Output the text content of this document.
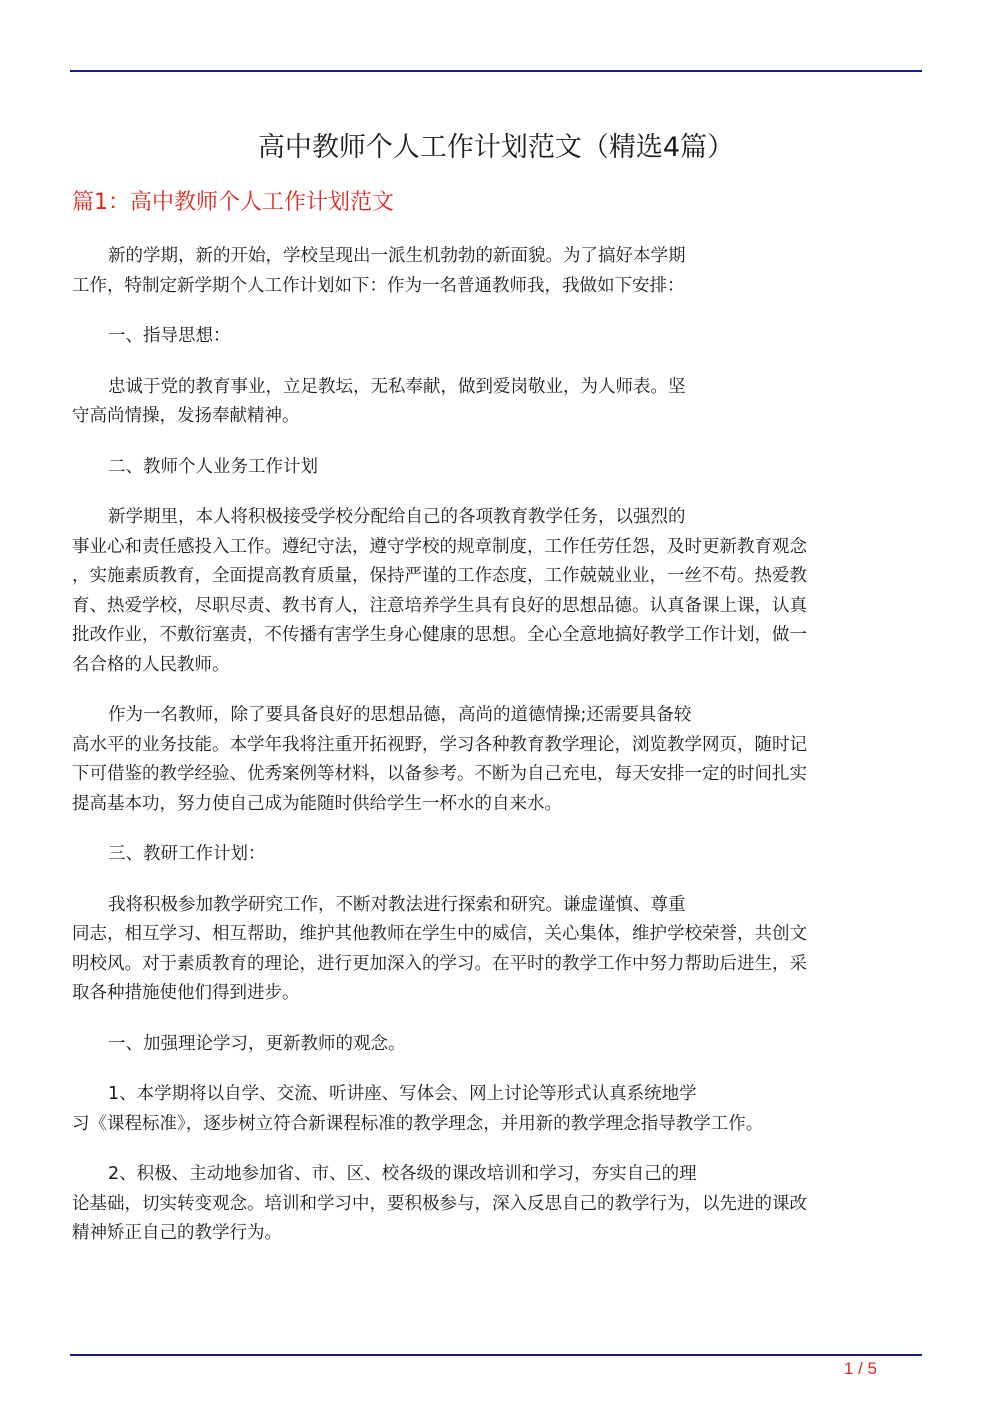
高中教师个人工作计划范文（精选4篇）
篇1：高中教师个人工作计划范文

新的学期，新的开始，学校呈现出一派生机勃勃的新面貌。为了搞好本学期
工作，特制定新学期个人工作计划如下：作为一名普通教师我，我做如下安排：

一、指导思想：

忠诚于党的教育事业，立足教坛，无私奉献，做到爱岗敬业，为人师表。坚
守高尚情操，发扬奉献精神。

二、教师个人业务工作计划

新学期里，本人将积极接受学校分配给自己的各项教育教学任务，以强烈的
事业心和责任感投入工作。遵纪守法，遵守学校的规章制度，工作任劳任怨，及时更新教育观念
，实施素质教育，全面提高教育质量，保持严谨的工作态度，工作兢兢业业，一丝不苟。热爱教
育、热爱学校，尽职尽责、教书育人，注意培养学生具有良好的思想品德。认真备课上课，认真
批改作业，不敷衍塞责，不传播有害学生身心健康的思想。全心全意地搞好教学工作计划，做一
名合格的人民教师。

作为一名教师，除了要具备良好的思想品德，高尚的道德情操;还需要具备较
高水平的业务技能。本学年我将注重开拓视野，学习各种教育教学理论，浏览教学网页，随时记
下可借鉴的教学经验、优秀案例等材料，以备参考。不断为自己充电，每天安排一定的时间扎实
提高基本功，努力使自己成为能随时供给学生一杯水的自来水。

三、教研工作计划：

我将积极参加教学研究工作，不断对教法进行探索和研究。谦虚谨慎、尊重
同志，相互学习、相互帮助，维护其他教师在学生中的威信，关心集体，维护学校荣誉，共创文
明校风。对于素质教育的理论，进行更加深入的学习。在平时的教学工作中努力帮助后进生，采
取各种措施使他们得到进步。

一、加强理论学习，更新教师的观念。

1、本学期将以自学、交流、听讲座、写体会、网上讨论等形式认真系统地学
习《课程标准》，逐步树立符合新课程标准的教学理念，并用新的教学理念指导教学工作。

2、积极、主动地参加省、市、区、校各级的课改培训和学习，夯实自己的理
论基础，切实转变观念。培训和学习中，要积极参与，深入反思自己的教学行为，以先进的课改
精神矫正自己的教学行为。

1 / 5
